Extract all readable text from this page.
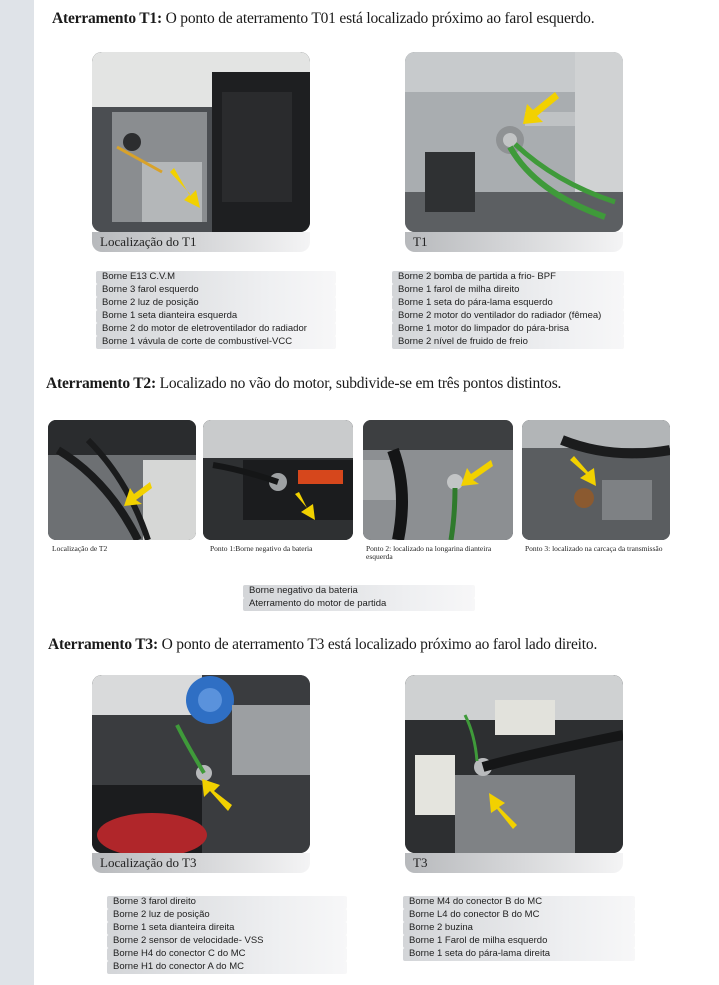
Aterramento T1: O ponto de aterramento T01 está localizado próximo ao farol esquerdo.
Localização do T1	T1
Borne E13 C.V.M
Borne 3 farol esquerdo
Borne 2 luz de posição
Borne 1 seta dianteira esquerda
Borne 2 do motor de eletroventilador do radiador
Borne 1 vávula de corte de combustível-VCC
Borne 2 bomba de partida a frio- BPF
Borne 1 farol de milha direito
Borne 1 seta do pára-lama esquerdo
Borne 2 motor do ventilador do radiador (fêmea)
Borne 1 motor do limpador do pára-brisa
Borne 2 nível de fruido de freio
Aterramento T2: Localizado no vão do motor, subdivide-se em três pontos distintos.
Localização de T2	Ponto 1:Borne negativo da bateria	Ponto 2: localizado na longarina dianteira esquerda
Ponto 3: localizado na carcaça da transmissão
Borne negativo da bateria
Aterramento do motor de partida
Aterramento T3: O ponto de aterramento T3 está localizado próximo ao farol lado direito.
Localização do T3	T3
Borne 3 farol direito
Borne 2 luz de posição
Borne 1 seta dianteira direita
Borne 2 sensor de velocidade- VSS
Borne H4 do conector C do MC
Borne H1 do conector A do MC
Borne M4 do conector B do MC
Borne L4 do conector B do MC
Borne 2 buzina
Borne 1 Farol de milha esquerdo
Borne 1 seta do pára-lama direita
